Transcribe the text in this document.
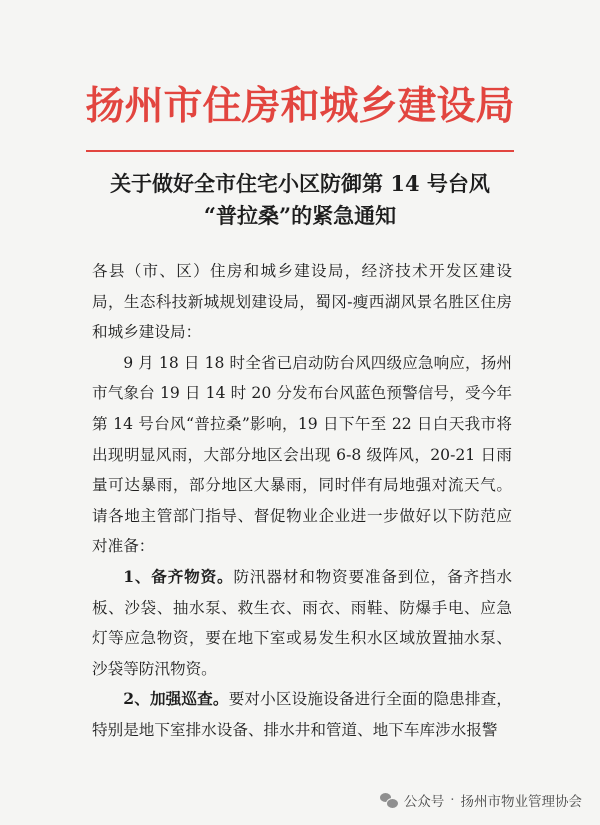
扬州市住房和城乡建设局
关于做好全市住宅小区防御第 14 号台风
“普拉桑”的紧急通知

各县（市、区）住房和城乡建设局，经济技术开发区建设局，生态科技新城规划建设局，蜀冈-瘦西湖风景名胜区住房和城乡建设局：

9 月 18 日 18 时全省已启动防台风四级应急响应，扬州市气象台 19 日 14 时 20 分发布台风蓝色预警信号，受今年第 14 号台风“普拉桑”影响，19 日下午至 22 日白天我市将出现明显风雨，大部分地区会出现 6-8 级阵风，20-21 日雨量可达暴雨，部分地区大暴雨，同时伴有局地强对流天气。请各地主管部门指导、督促物业企业进一步做好以下防范应对准备：

1、备齐物资。防汛器材和物资要准备到位，备齐挡水板、沙袋、抽水泵、救生衣、雨衣、雨鞋、防爆手电、应急灯等应急物资，要在地下室或易发生积水区域放置抽水泵、沙袋等防汛物资。

2、加强巡查。要对小区设施设备进行全面的隐患排查，特别是地下室排水设备、排水井和管道、地下车库涉水报警

公众号 · 扬州市物业管理协会
